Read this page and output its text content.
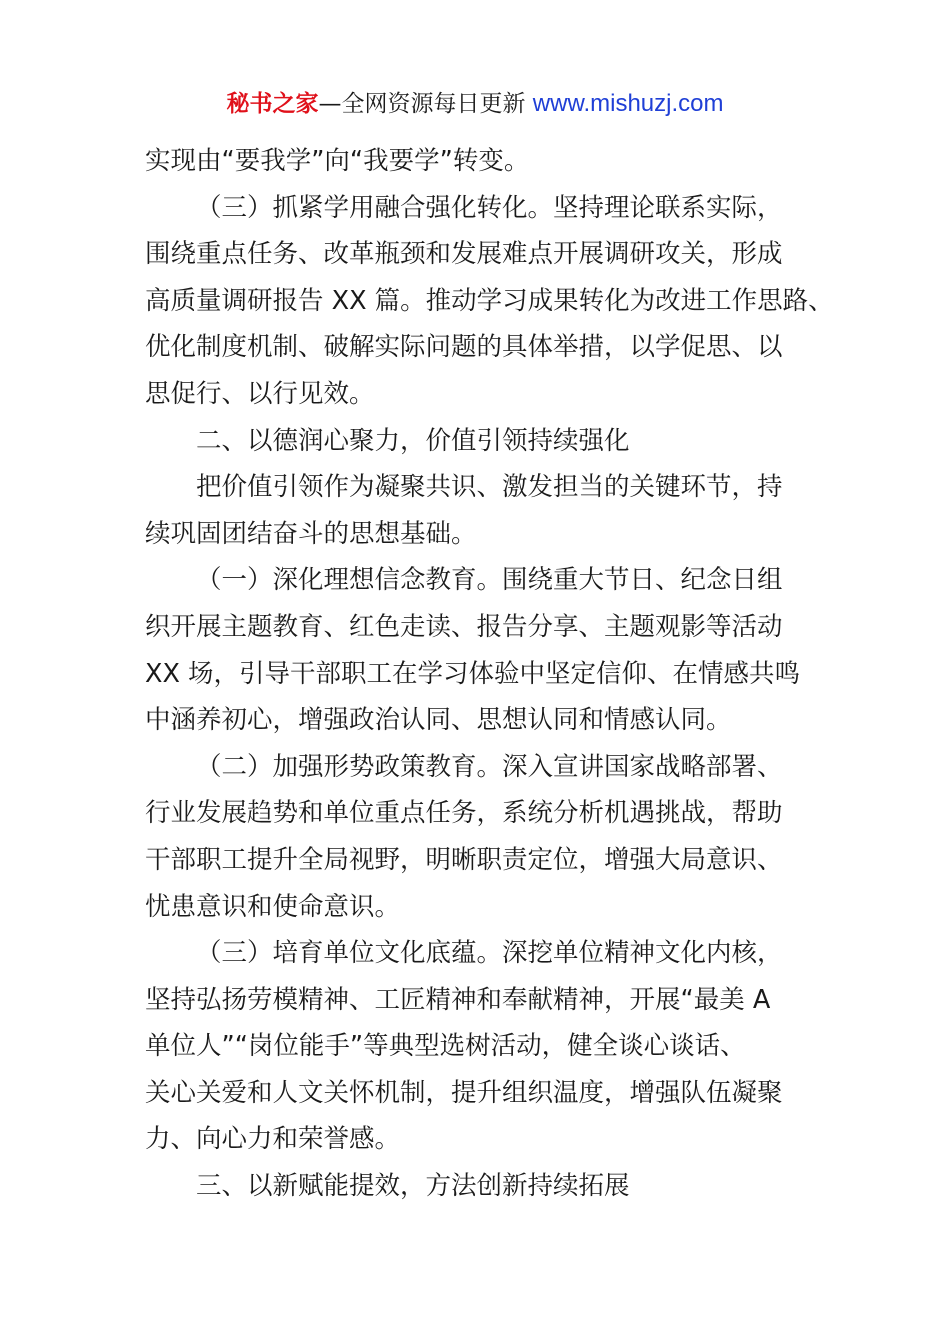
秘书之家—全网资源每日更新 www.mishuzj.com
实现由“要我学”向“我要学”转变。
（三）抓紧学用融合强化转化。坚持理论联系实际，
围绕重点任务、改革瓶颈和发展难点开展调研攻关，形成
高质量调研报告 XX 篇。推动学习成果转化为改进工作思路、
优化制度机制、破解实际问题的具体举措，以学促思、以
思促行、以行见效。
二、以德润心聚力，价值引领持续强化
把价值引领作为凝聚共识、激发担当的关键环节，持
续巩固团结奋斗的思想基础。
（一）深化理想信念教育。围绕重大节日、纪念日组
织开展主题教育、红色走读、报告分享、主题观影等活动
XX 场，引导干部职工在学习体验中坚定信仰、在情感共鸣
中涵养初心，增强政治认同、思想认同和情感认同。
（二）加强形势政策教育。深入宣讲国家战略部署、
行业发展趋势和单位重点任务，系统分析机遇挑战，帮助
干部职工提升全局视野，明晰职责定位，增强大局意识、
忧患意识和使命意识。
（三）培育单位文化底蕴。深挖单位精神文化内核，
坚持弘扬劳模精神、工匠精神和奉献精神，开展“最美 A
单位人”“岗位能手”等典型选树活动，健全谈心谈话、
关心关爱和人文关怀机制，提升组织温度，增强队伍凝聚
力、向心力和荣誉感。
三、以新赋能提效，方法创新持续拓展
